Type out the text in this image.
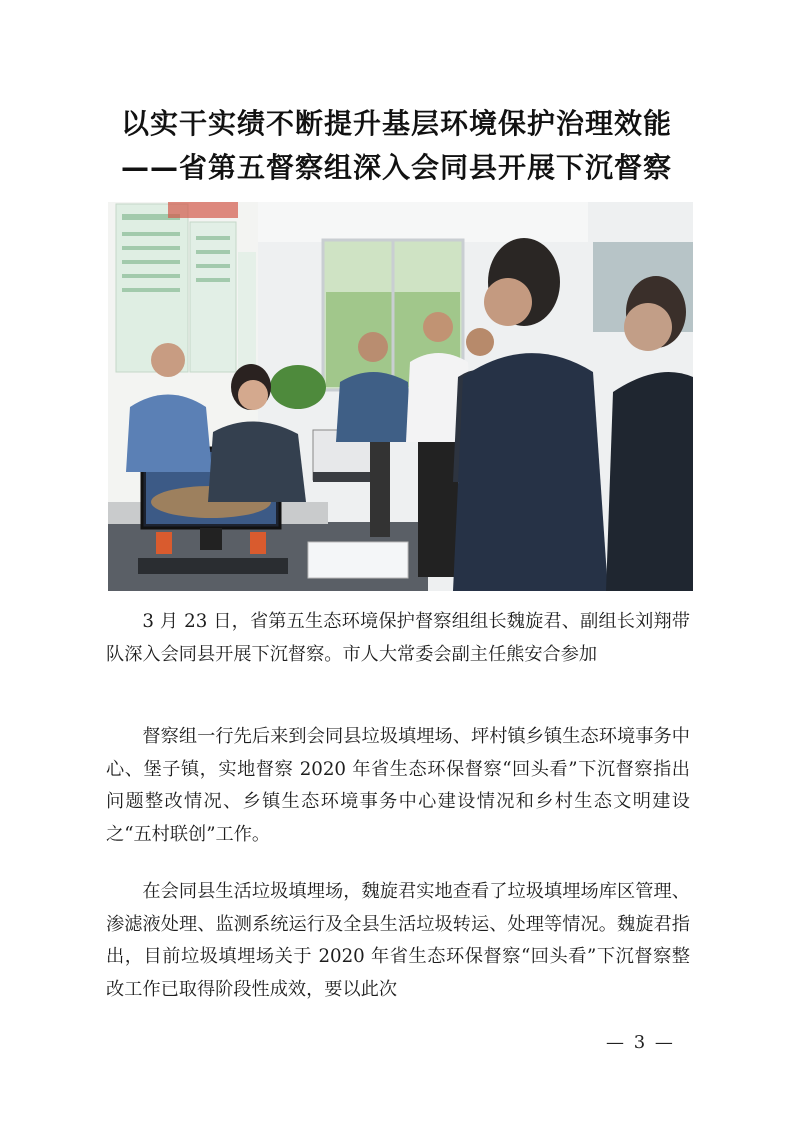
以实干实绩不断提升基层环境保护治理效能
——省第五督察组深入会同县开展下沉督察

3 月 23 日，省第五生态环境保护督察组组长魏旋君、副组长刘翔带队深入会同县开展下沉督察。市人大常委会副主任熊安合参加

督察组一行先后来到会同县垃圾填埋场、坪村镇乡镇生态环境事务中心、堡子镇，实地督察 2020 年省生态环保督察“回头看”下沉督察指出问题整改情况、乡镇生态环境事务中心建设情况和乡村生态文明建设之“五村联创”工作。

在会同县生活垃圾填埋场，魏旋君实地查看了垃圾填埋场库区管理、渗滤液处理、监测系统运行及全县生活垃圾转运、处理等情况。魏旋君指出，目前垃圾填埋场关于 2020 年省生态环保督察“回头看”下沉督察整改工作已取得阶段性成效，要以此次

— 3 —
